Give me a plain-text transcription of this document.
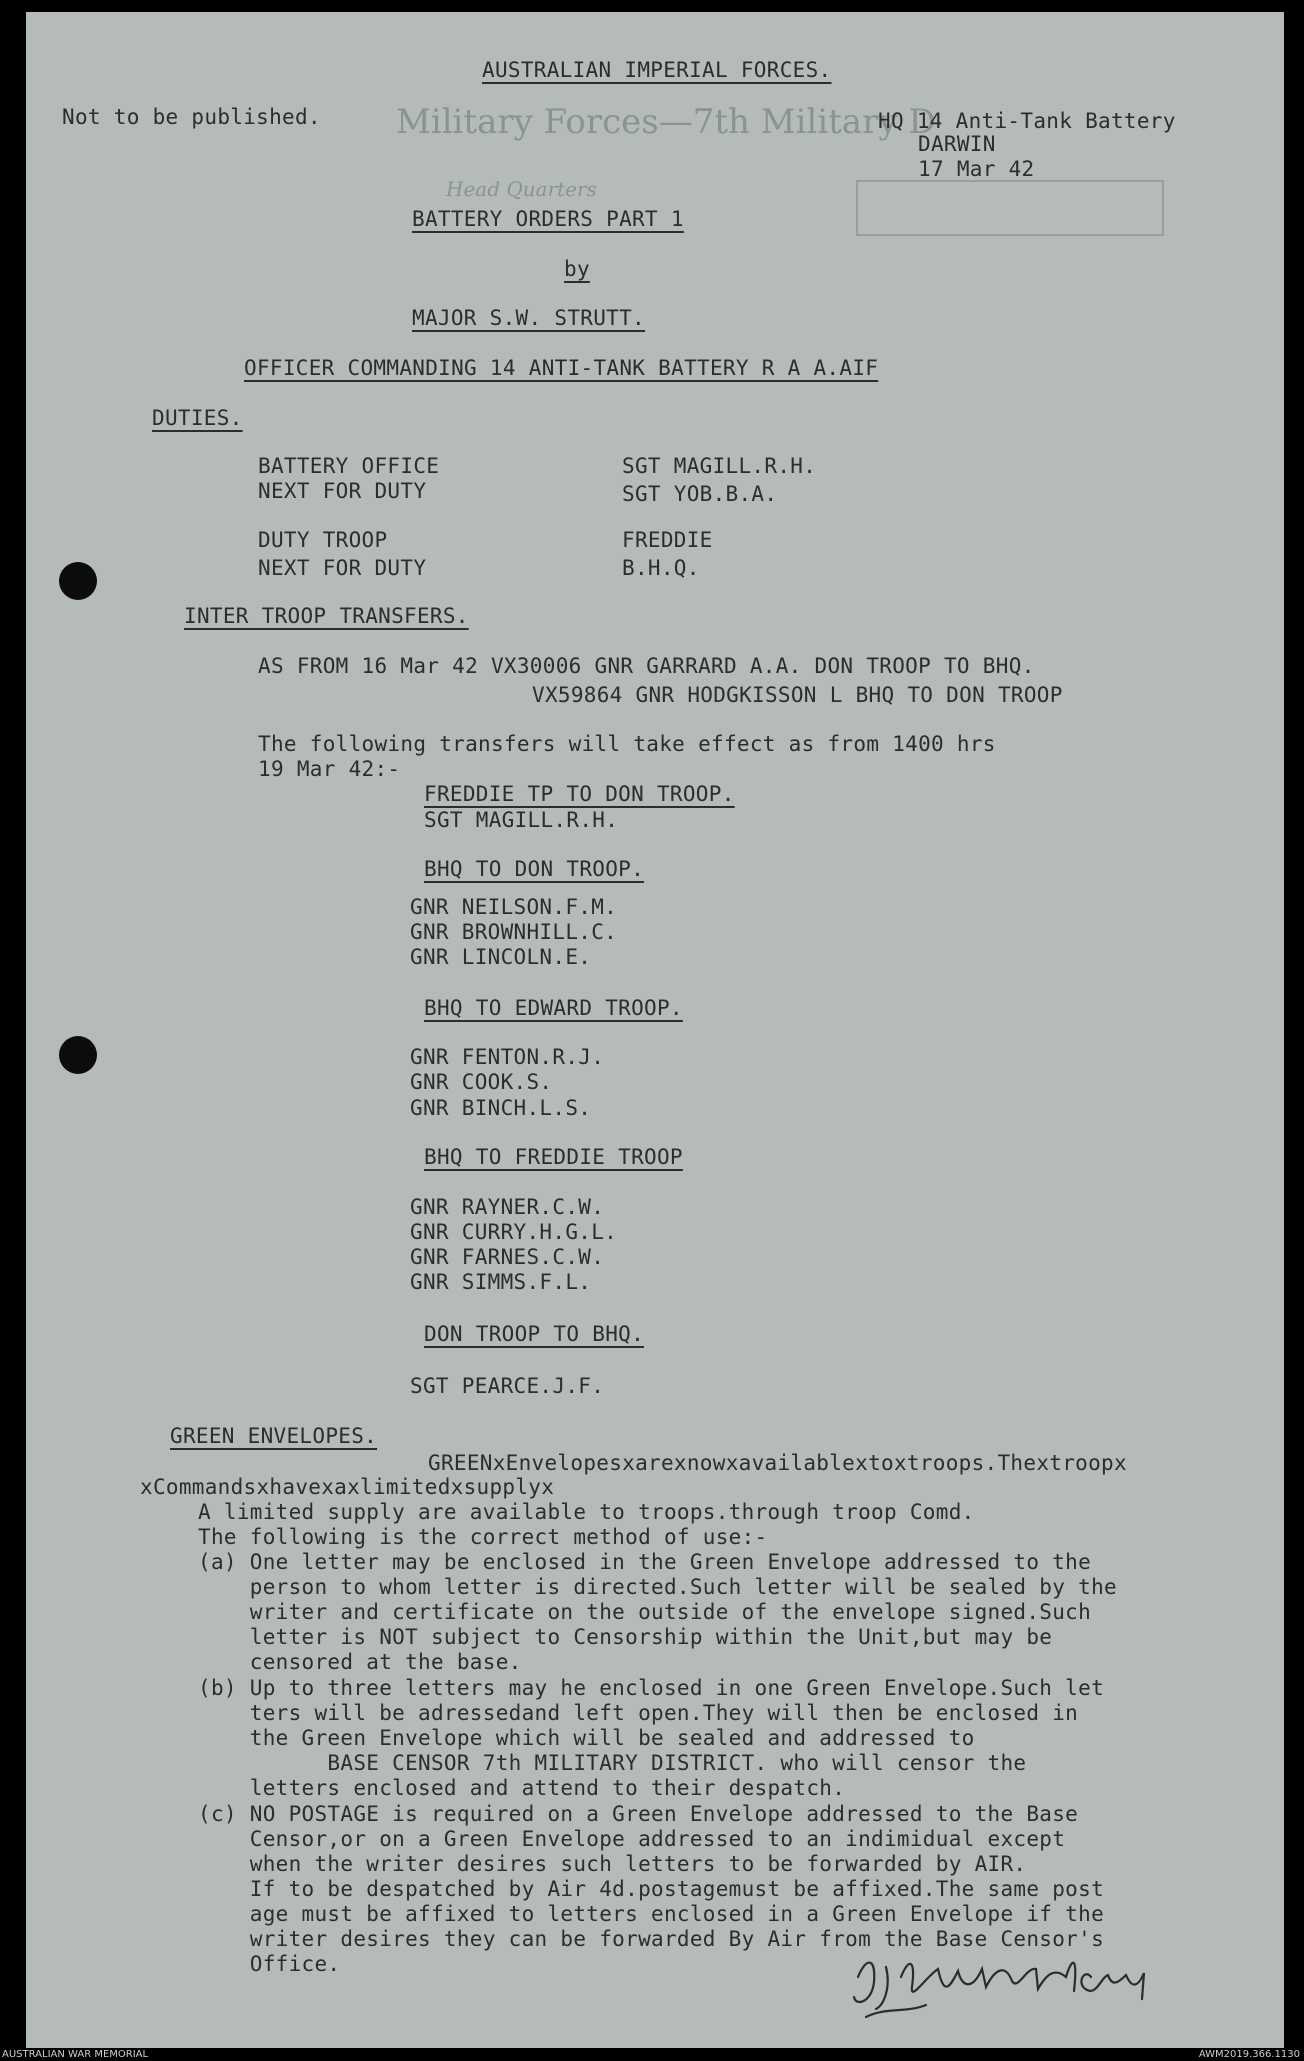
Military Forces—7th Military D
Head Quarters
AUSTRALIAN IMPERIAL FORCES.
Not to be published.	HQ 14 Anti-Tank Battery
DARWIN
17 Mar 42
BATTERY ORDERS PART 1
by
MAJOR S.W. STRUTT.
OFFICER COMMANDING 14 ANTI-TANK BATTERY R A A.AIF
DUTIES.
BATTERY OFFICE	SGT MAGILL.R.H.
NEXT FOR DUTY	SGT YOB.B.A.
DUTY TROOP	FREDDIE
NEXT FOR DUTY	B.H.Q.
INTER TROOP TRANSFERS.
AS FROM 16 Mar 42 VX30006 GNR GARRARD A.A. DON TROOP TO BHQ.
VX59864 GNR HODGKISSON L BHQ TO DON TROOP
The following transfers will take effect as from 1400 hrs
19 Mar 42:-
FREDDIE TP TO DON TROOP.
SGT MAGILL.R.H.
BHQ TO DON TROOP.
GNR NEILSON.F.M.
GNR BROWNHILL.C.
GNR LINCOLN.E.
BHQ TO EDWARD TROOP.
GNR FENTON.R.J.
GNR COOK.S.
GNR BINCH.L.S.
BHQ TO FREDDIE TROOP
GNR RAYNER.C.W.
GNR CURRY.H.G.L.
GNR FARNES.C.W.
GNR SIMMS.F.L.
DON TROOP TO BHQ.
SGT PEARCE.J.F.
GREEN ENVELOPES.
GREENxEnvelopesxarexnowxavailablextoxtroops.Thextroopx
xCommandsxhavexaxlimitedxsupplyx
A limited supply are available to troops.through troop Comd.
The following is the correct method of use:-
(a) One letter may be enclosed in the Green Envelope addressed to the
person to whom letter is directed.Such letter will be sealed by the
writer and certificate on the outside of the envelope signed.Such
letter is NOT subject to Censorship within the Unit,but may be
censored at the base.
(b) Up to three letters may he enclosed in one Green Envelope.Such let
ters will be adressedand left open.They will then be enclosed in
the Green Envelope which will be sealed and addressed to
BASE CENSOR 7th MILITARY DISTRICT. who will censor the
letters enclosed and attend to their despatch.
(c) NO POSTAGE is required on a Green Envelope addressed to the Base
Censor,or on a Green Envelope addressed to an indimidual except
when the writer desires such letters to be forwarded by AIR.
If to be despatched by Air 4d.postagemust be affixed.The same post
age must be affixed to letters enclosed in a Green Envelope if the
writer desires they can be forwarded By Air from the Base Censor's
Office.
AUSTRALIAN WAR MEMORIAL	AWM2019.366.1130
